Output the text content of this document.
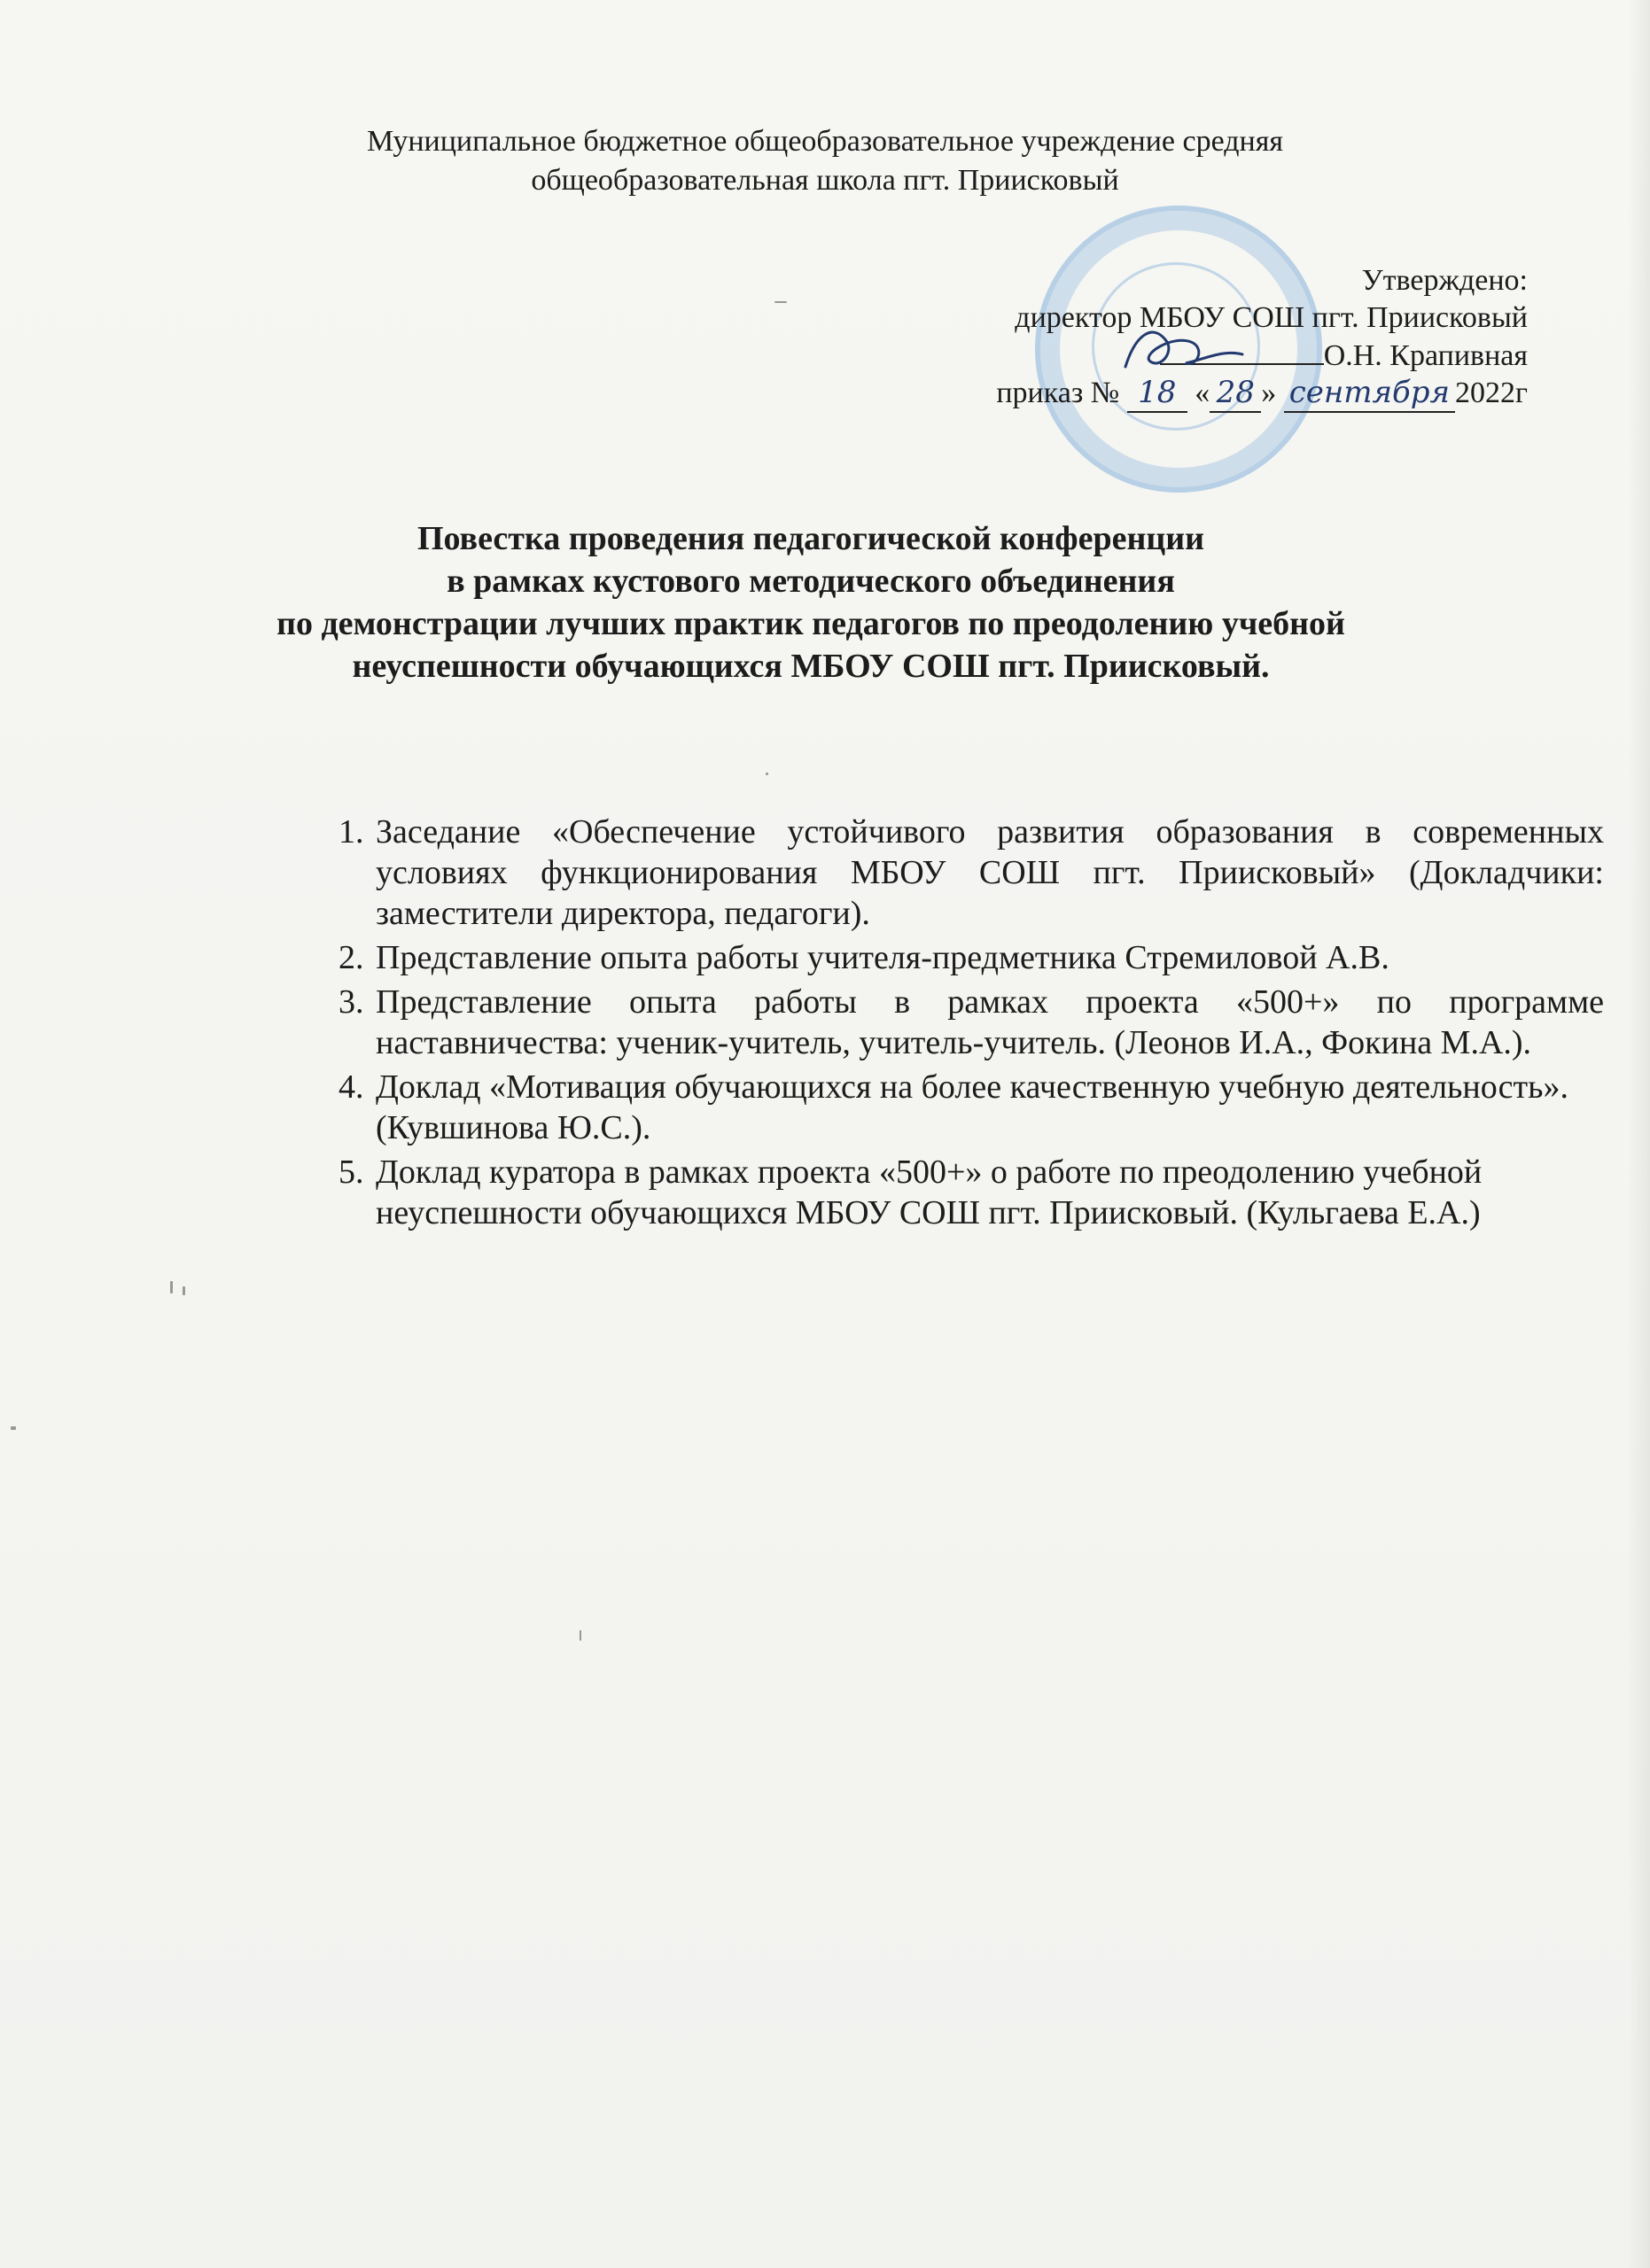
Муниципальное бюджетное общеобразовательное учреждение средняя
общеобразовательная школа пгт. Приисковый
Утверждено:
директор МБОУ СОШ пгт. Приисковый
О.Н. Крапивная
приказ № 18 « 28 » сентября 2022г
Повестка проведения педагогической конференции
в рамках кустового методического объединения
по демонстрации лучших практик педагогов по преодолению учебной
неуспешности обучающихся МБОУ СОШ пгт. Приисковый.
1. Заседание «Обеспечение устойчивого развития образования в современных условиях функционирования МБОУ СОШ пгт. Приисковый» (Докладчики: заместители директора, педагоги).
2. Представление опыта работы учителя-предметника Стремиловой А.В.
3. Представление опыта работы в рамках проекта «500+» по программе наставничества: ученик-учитель, учитель-учитель. (Леонов И.А., Фокина М.А.).
4. Доклад «Мотивация обучающихся на более качественную учебную деятельность». (Кувшинова Ю.С.).
5. Доклад куратора в рамках проекта «500+» о работе по преодолению учебной неуспешности обучающихся МБОУ СОШ пгт. Приисковый. (Кульгаева Е.А.)
